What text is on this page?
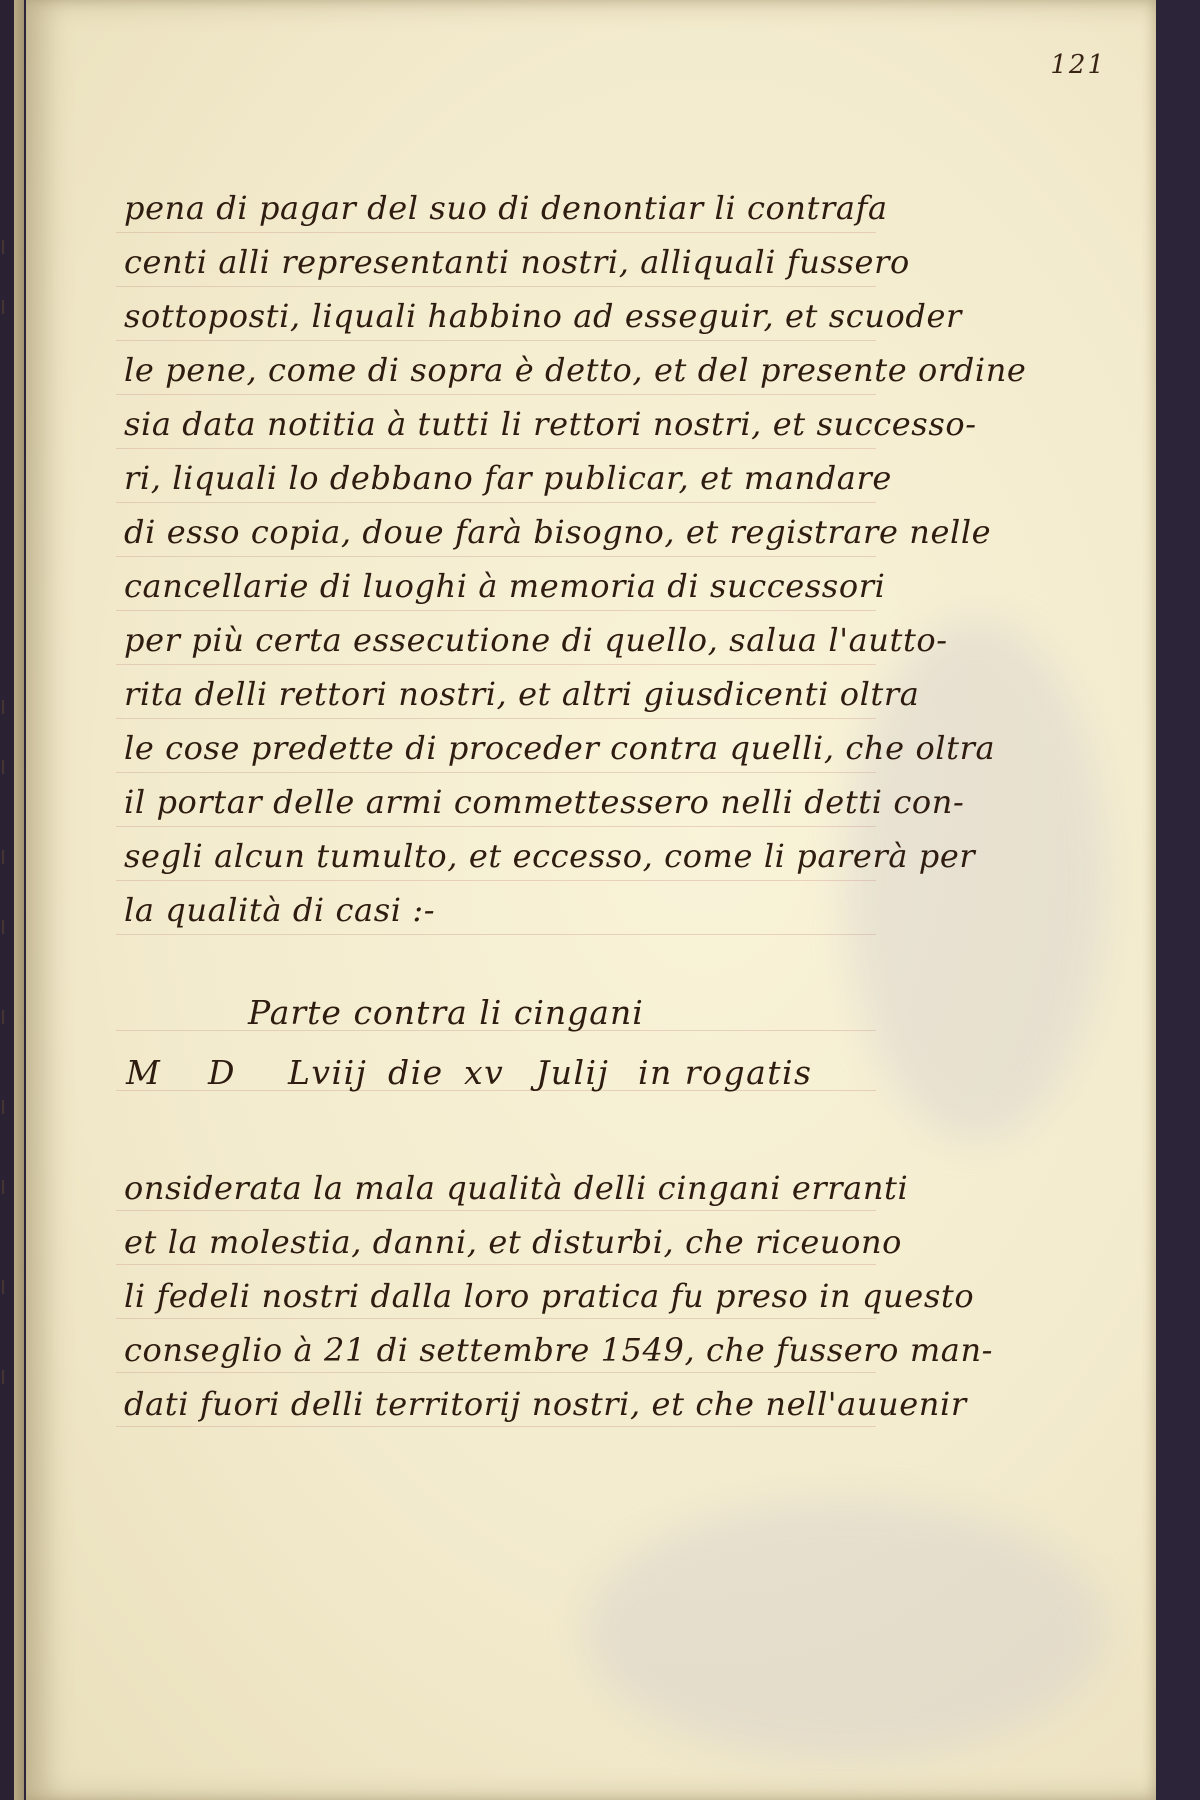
121
pena di pagar del suo di denontiar li contrafa
centi alli representanti nostri, alliquali fussero
sottoposti, liquali habbino ad esseguir, et scuoder
le pene, come di sopra è detto, et del presente ordine
sia data notitia à tutti li rettori nostri, et successo-
ri, liquali lo debbano far publicar, et mandare
di esso copia, doue farà bisogno, et registrare nelle
cancellarie di luoghi à memoria di successori
per più certa essecutione di quello, salua l'autto-
rita delli rettori nostri, et altri giusdicenti oltra
le cose predette di proceder contra quelli, che oltra
il portar delle armi commettessero nelli detti con-
segli alcun tumulto, et eccesso, come li parerà per
la qualità di casi :-
Parte contra li cingani
M D Lviij die xv Julij in rogatis
onsiderata la mala qualità delli cingani erranti
et la molestia, danni, et disturbi, che riceuono
li fedeli nostri dalla loro pratica fu preso in questo
conseglio à 21 di settembre 1549, che fussero man-
dati fuori delli territorij nostri, et che nell'auuenir
